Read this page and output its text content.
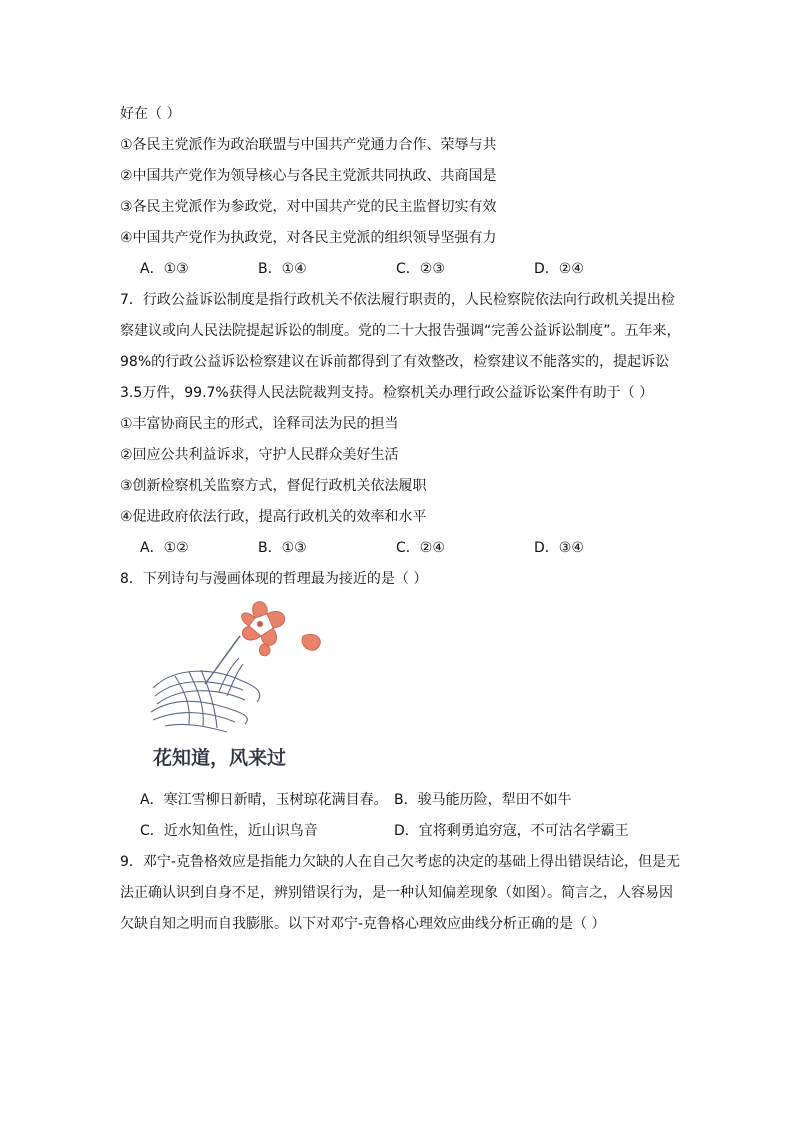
好在（ ）
①各民主党派作为政治联盟与中国共产党通力合作、荣辱与共
②中国共产党作为领导核心与各民主党派共同执政、共商国是
③各民主党派作为参政党，对中国共产党的民主监督切实有效
④中国共产党作为执政党，对各民主党派的组织领导坚强有力
A．①③	B．①④	C．②③	D．②④
7．行政公益诉讼制度是指行政机关不依法履行职责的，人民检察院依法向行政机关提出检
察建议或向人民法院提起诉讼的制度。党的二十大报告强调“完善公益诉讼制度”。五年来，
98%的行政公益诉讼检察建议在诉前都得到了有效整改，检察建议不能落实的，提起诉讼
3.5万件，99.7%获得人民法院裁判支持。检察机关办理行政公益诉讼案件有助于（ ）
①丰富协商民主的形式，诠释司法为民的担当
②回应公共利益诉求，守护人民群众美好生活
③创新检察机关监察方式，督促行政机关依法履职
④促进政府依法行政，提高行政机关的效率和水平
A．①②	B．①③	C．②④	D．③④
8．下列诗句与漫画体现的哲理最为接近的是（ ）
花知道，风来过
A．寒江雪柳日新晴，玉树琼花满目春。 B．骏马能历险，犁田不如牛
C．近水知鱼性，近山识鸟音	D．宜将剩勇追穷寇，不可沽名学霸王
9．邓宁-克鲁格效应是指能力欠缺的人在自己欠考虑的决定的基础上得出错误结论，但是无
法正确认识到自身不足，辨别错误行为，是一种认知偏差现象（如图）。简言之，人容易因
欠缺自知之明而自我膨胀。以下对邓宁-克鲁格心理效应曲线分析正确的是（ ）
